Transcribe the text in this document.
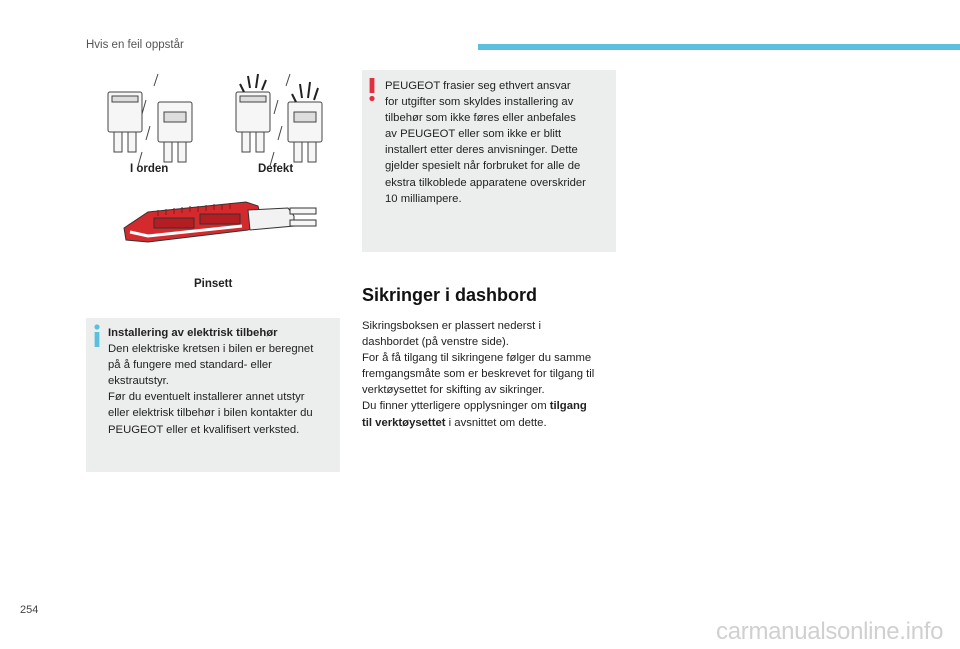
Hvis en feil oppstår
I orden	Defekt
Pinsett
Installering av elektrisk tilbehør
Den elektriske kretsen i bilen er beregnet
på å fungere med standard- eller
ekstrautstyr.
Før du eventuelt installerer annet utstyr
eller elektrisk tilbehør i bilen kontakter du
PEUGEOT eller et kvalifisert verksted.
PEUGEOT frasier seg ethvert ansvar
for utgifter som skyldes installering av
tilbehør som ikke føres eller anbefales
av PEUGEOT eller som ikke er blitt
installert etter deres anvisninger. Dette
gjelder spesielt når forbruket for alle de
ekstra tilkoblede apparatene overskrider
10 milliampere.
Sikringer i dashbord
Sikringsboksen er plassert nederst i
dashbordet (på venstre side).
For å få tilgang til sikringene følger du samme
fremgangsmåte som er beskrevet for tilgang til
verktøysettet for skifting av sikringer.
Du finner ytterligere opplysninger om tilgang
til verktøysettet i avsnittet om dette.
254
carmanualsonline.info
